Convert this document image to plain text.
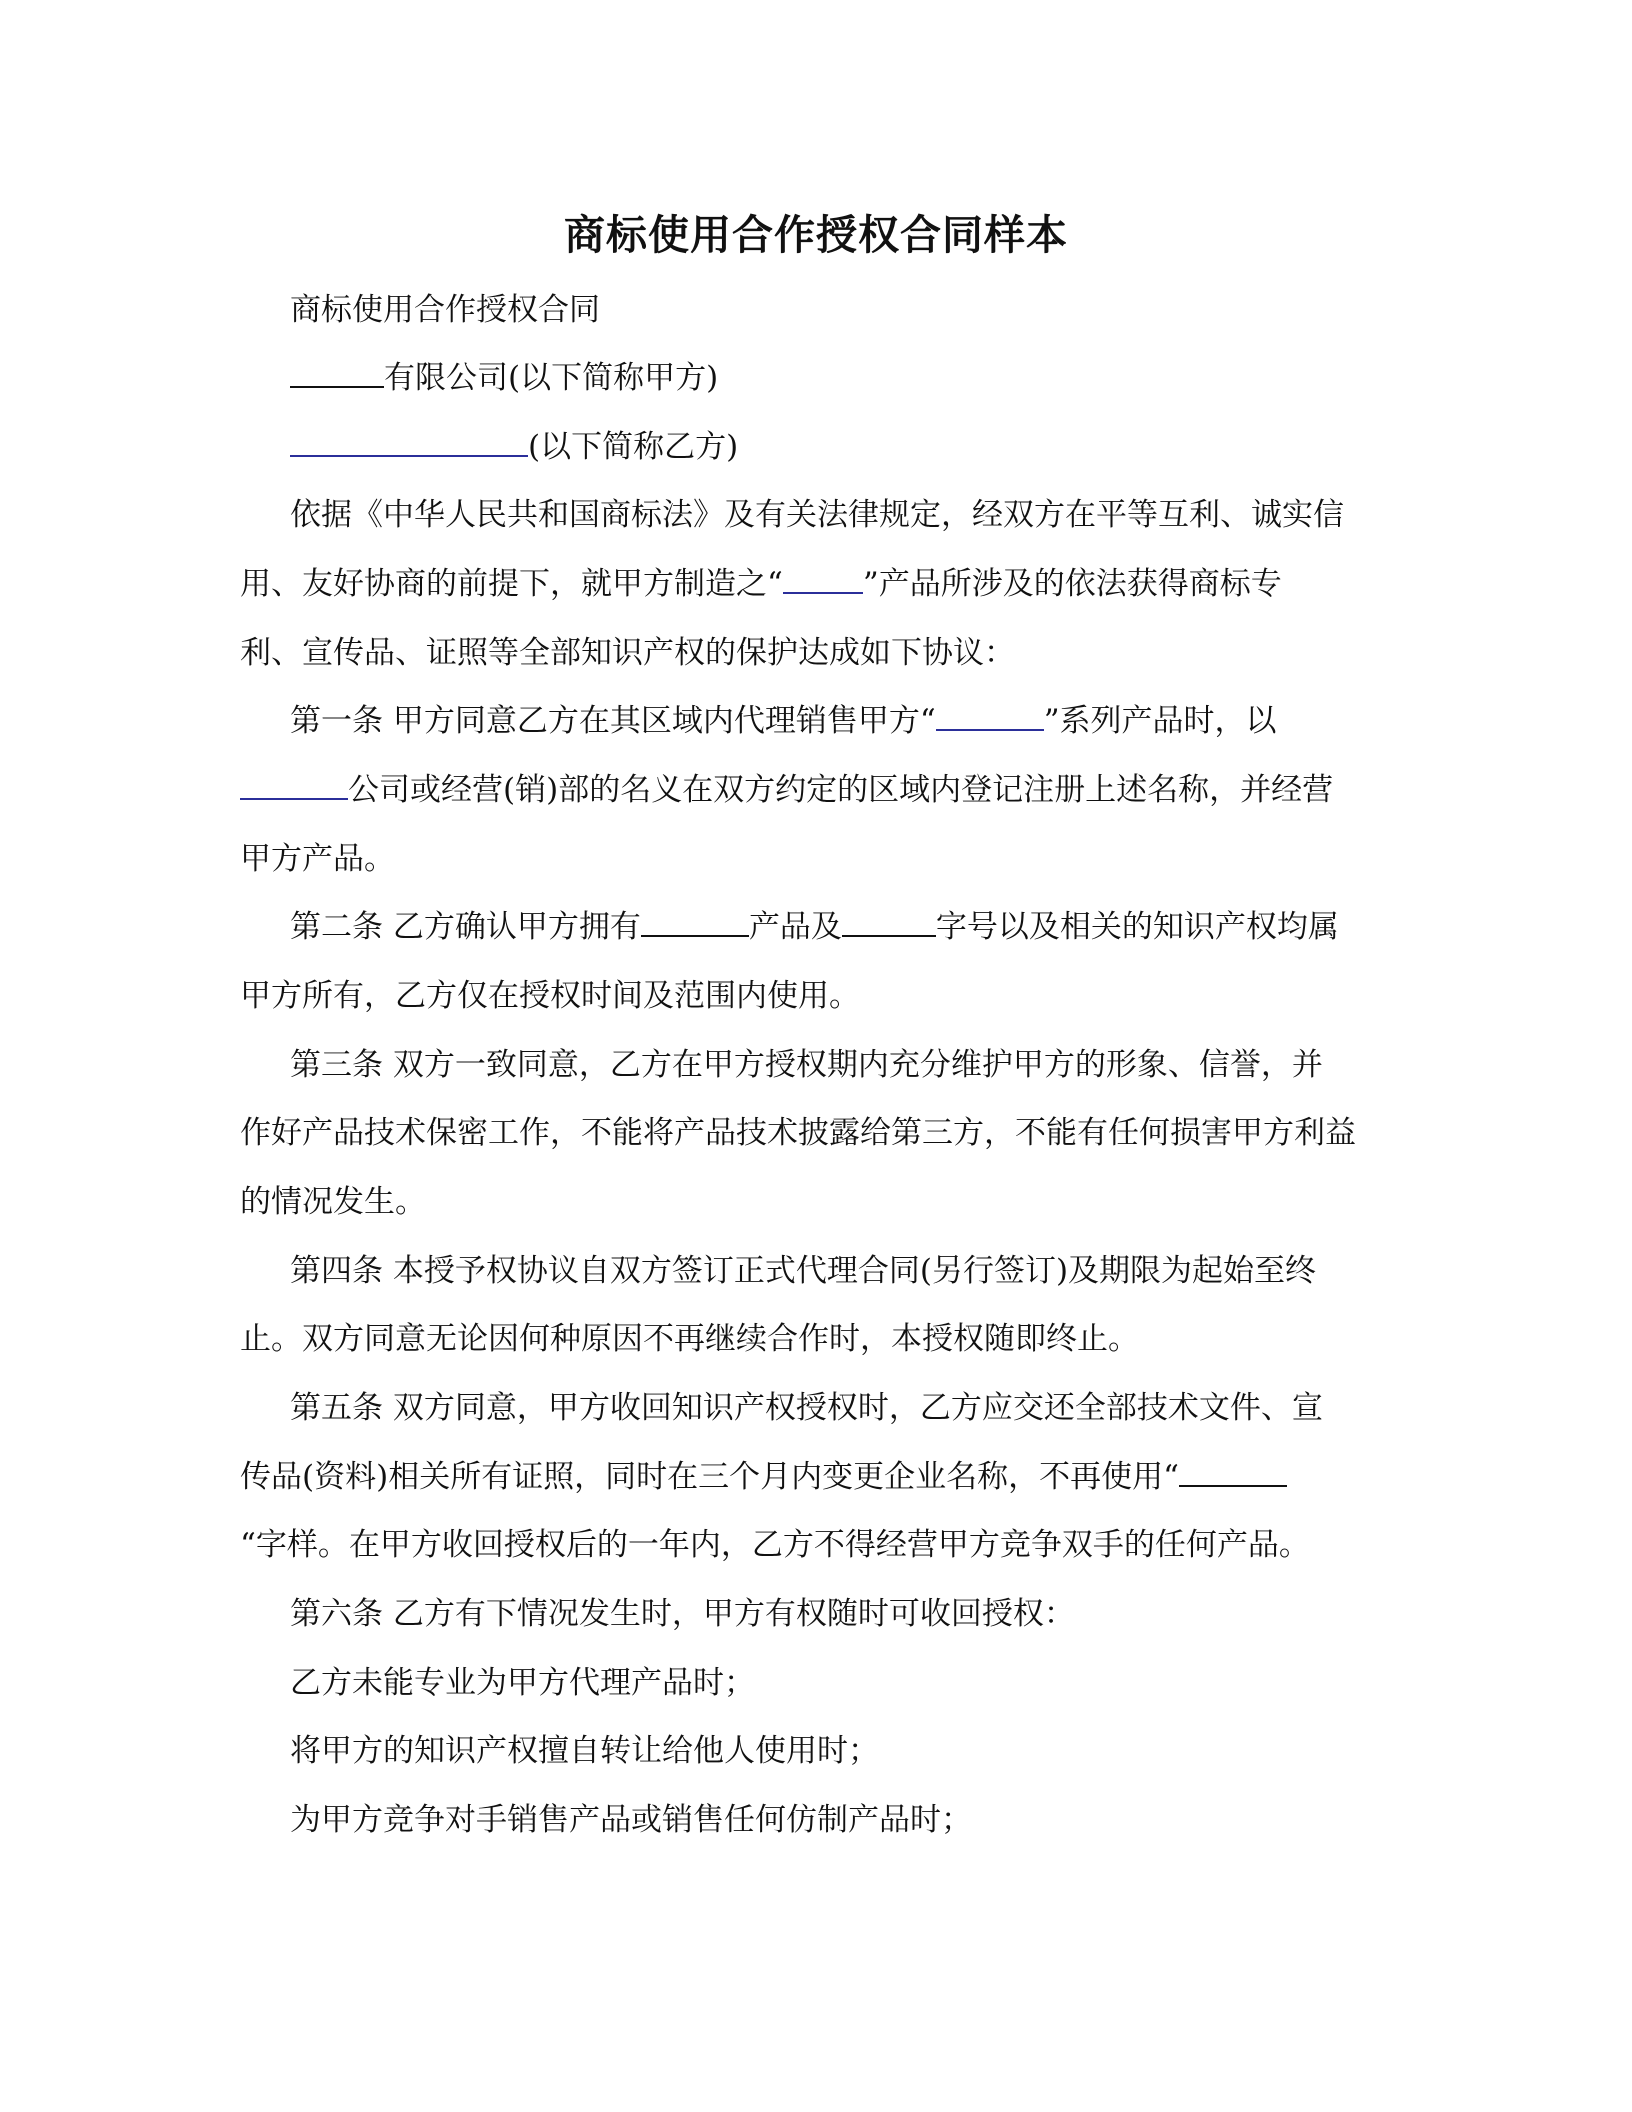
商标使用合作授权合同样本
商标使用合作授权合同
有限公司(以下简称甲方)
(以下简称乙方)
依据《中华人民共和国商标法》及有关法律规定，经双方在平等互利、诚实信
用、友好协商的前提下，就甲方制造之“	”产品所涉及的依法获得商标专
利、宣传品、证照等全部知识产权的保护达成如下协议：
第一条 甲方同意乙方在其区域内代理销售甲方“	”系列产品时，以
公司或经营(销)部的名义在双方约定的区域内登记注册上述名称，并经营
甲方产品。
第二条 乙方确认甲方拥有	产品及	字号以及相关的知识产权均属
甲方所有，乙方仅在授权时间及范围内使用。
第三条 双方一致同意，乙方在甲方授权期内充分维护甲方的形象、信誉，并
作好产品技术保密工作，不能将产品技术披露给第三方，不能有任何损害甲方利益
的情况发生。
第四条 本授予权协议自双方签订正式代理合同(另行签订)及期限为起始至终
止。双方同意无论因何种原因不再继续合作时，本授权随即终止。
第五条 双方同意，甲方收回知识产权授权时，乙方应交还全部技术文件、宣
传品(资料)相关所有证照，同时在三个月内变更企业名称，不再使用“
“字样。在甲方收回授权后的一年内，乙方不得经营甲方竞争双手的任何产品。
第六条 乙方有下情况发生时，甲方有权随时可收回授权：
乙方未能专业为甲方代理产品时；
将甲方的知识产权擅自转让给他人使用时；
为甲方竞争对手销售产品或销售任何仿制产品时；
